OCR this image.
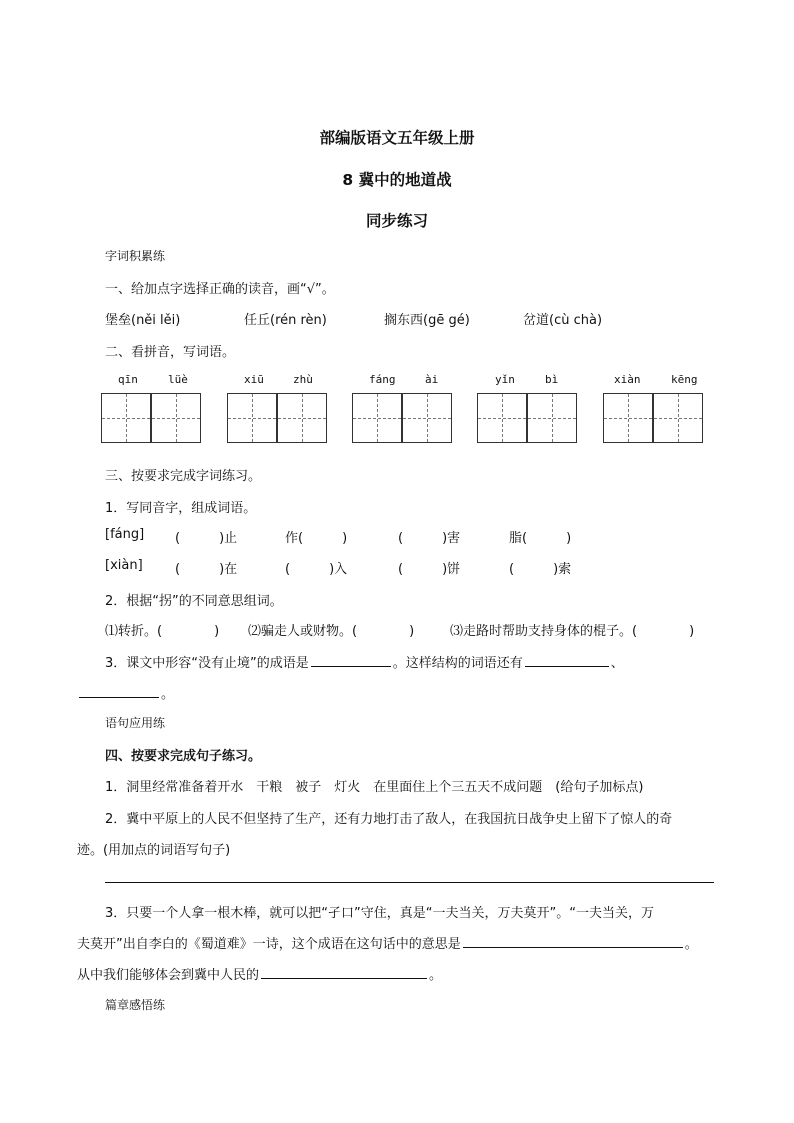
部编版语文五年级上册
8 冀中的地道战
同步练习
字词积累练
一、给加点字选择正确的读音，画“√”。
堡垒(něi lěi)	任丘(rén rèn)	搁东西(gē gé)	岔道(cù chà)
二、看拼音，写词语。
qīn	lüè	xiū	zhù	fáng	ài	yǐn	bì	xiàn	kēng
三、按要求完成字词练习。
1．写同音字，组成词语。
[fáng] (　　　)止	作(　　　)	(　　　)害	脂(　　　)
[xiàn] (　　　)在	(　　　)入	(　　　)饼	(　　　)索
2．根据“拐”的不同意思组词。
⑴转折。(　　　　) ⑵骗走人或财物。(　　　　)	⑶走路时帮助支持身体的棍子。(　　　　)
3．课文中形容“没有止境”的成语是	。这样结构的词语还有	、
。
语句应用练
四、按要求完成句子练习。
1．洞里经常准备着开水　干粮　被子　灯火　在里面住上个三五天不成问题　(给句子加标点)
2．冀中平原上的人民不但坚持了生产，还有力地打击了敌人，在我国抗日战争史上留下了惊人的奇
迹。(用加点的词语写句子)
3．只要一个人拿一根木棒，就可以把“孑口”守住，真是“一夫当关，万夫莫开”。“一夫当关，万
夫莫开”出自李白的《蜀道难》一诗，这个成语在这句话中的意思是	。
从中我们能够体会到冀中人民的	。
篇章感悟练
